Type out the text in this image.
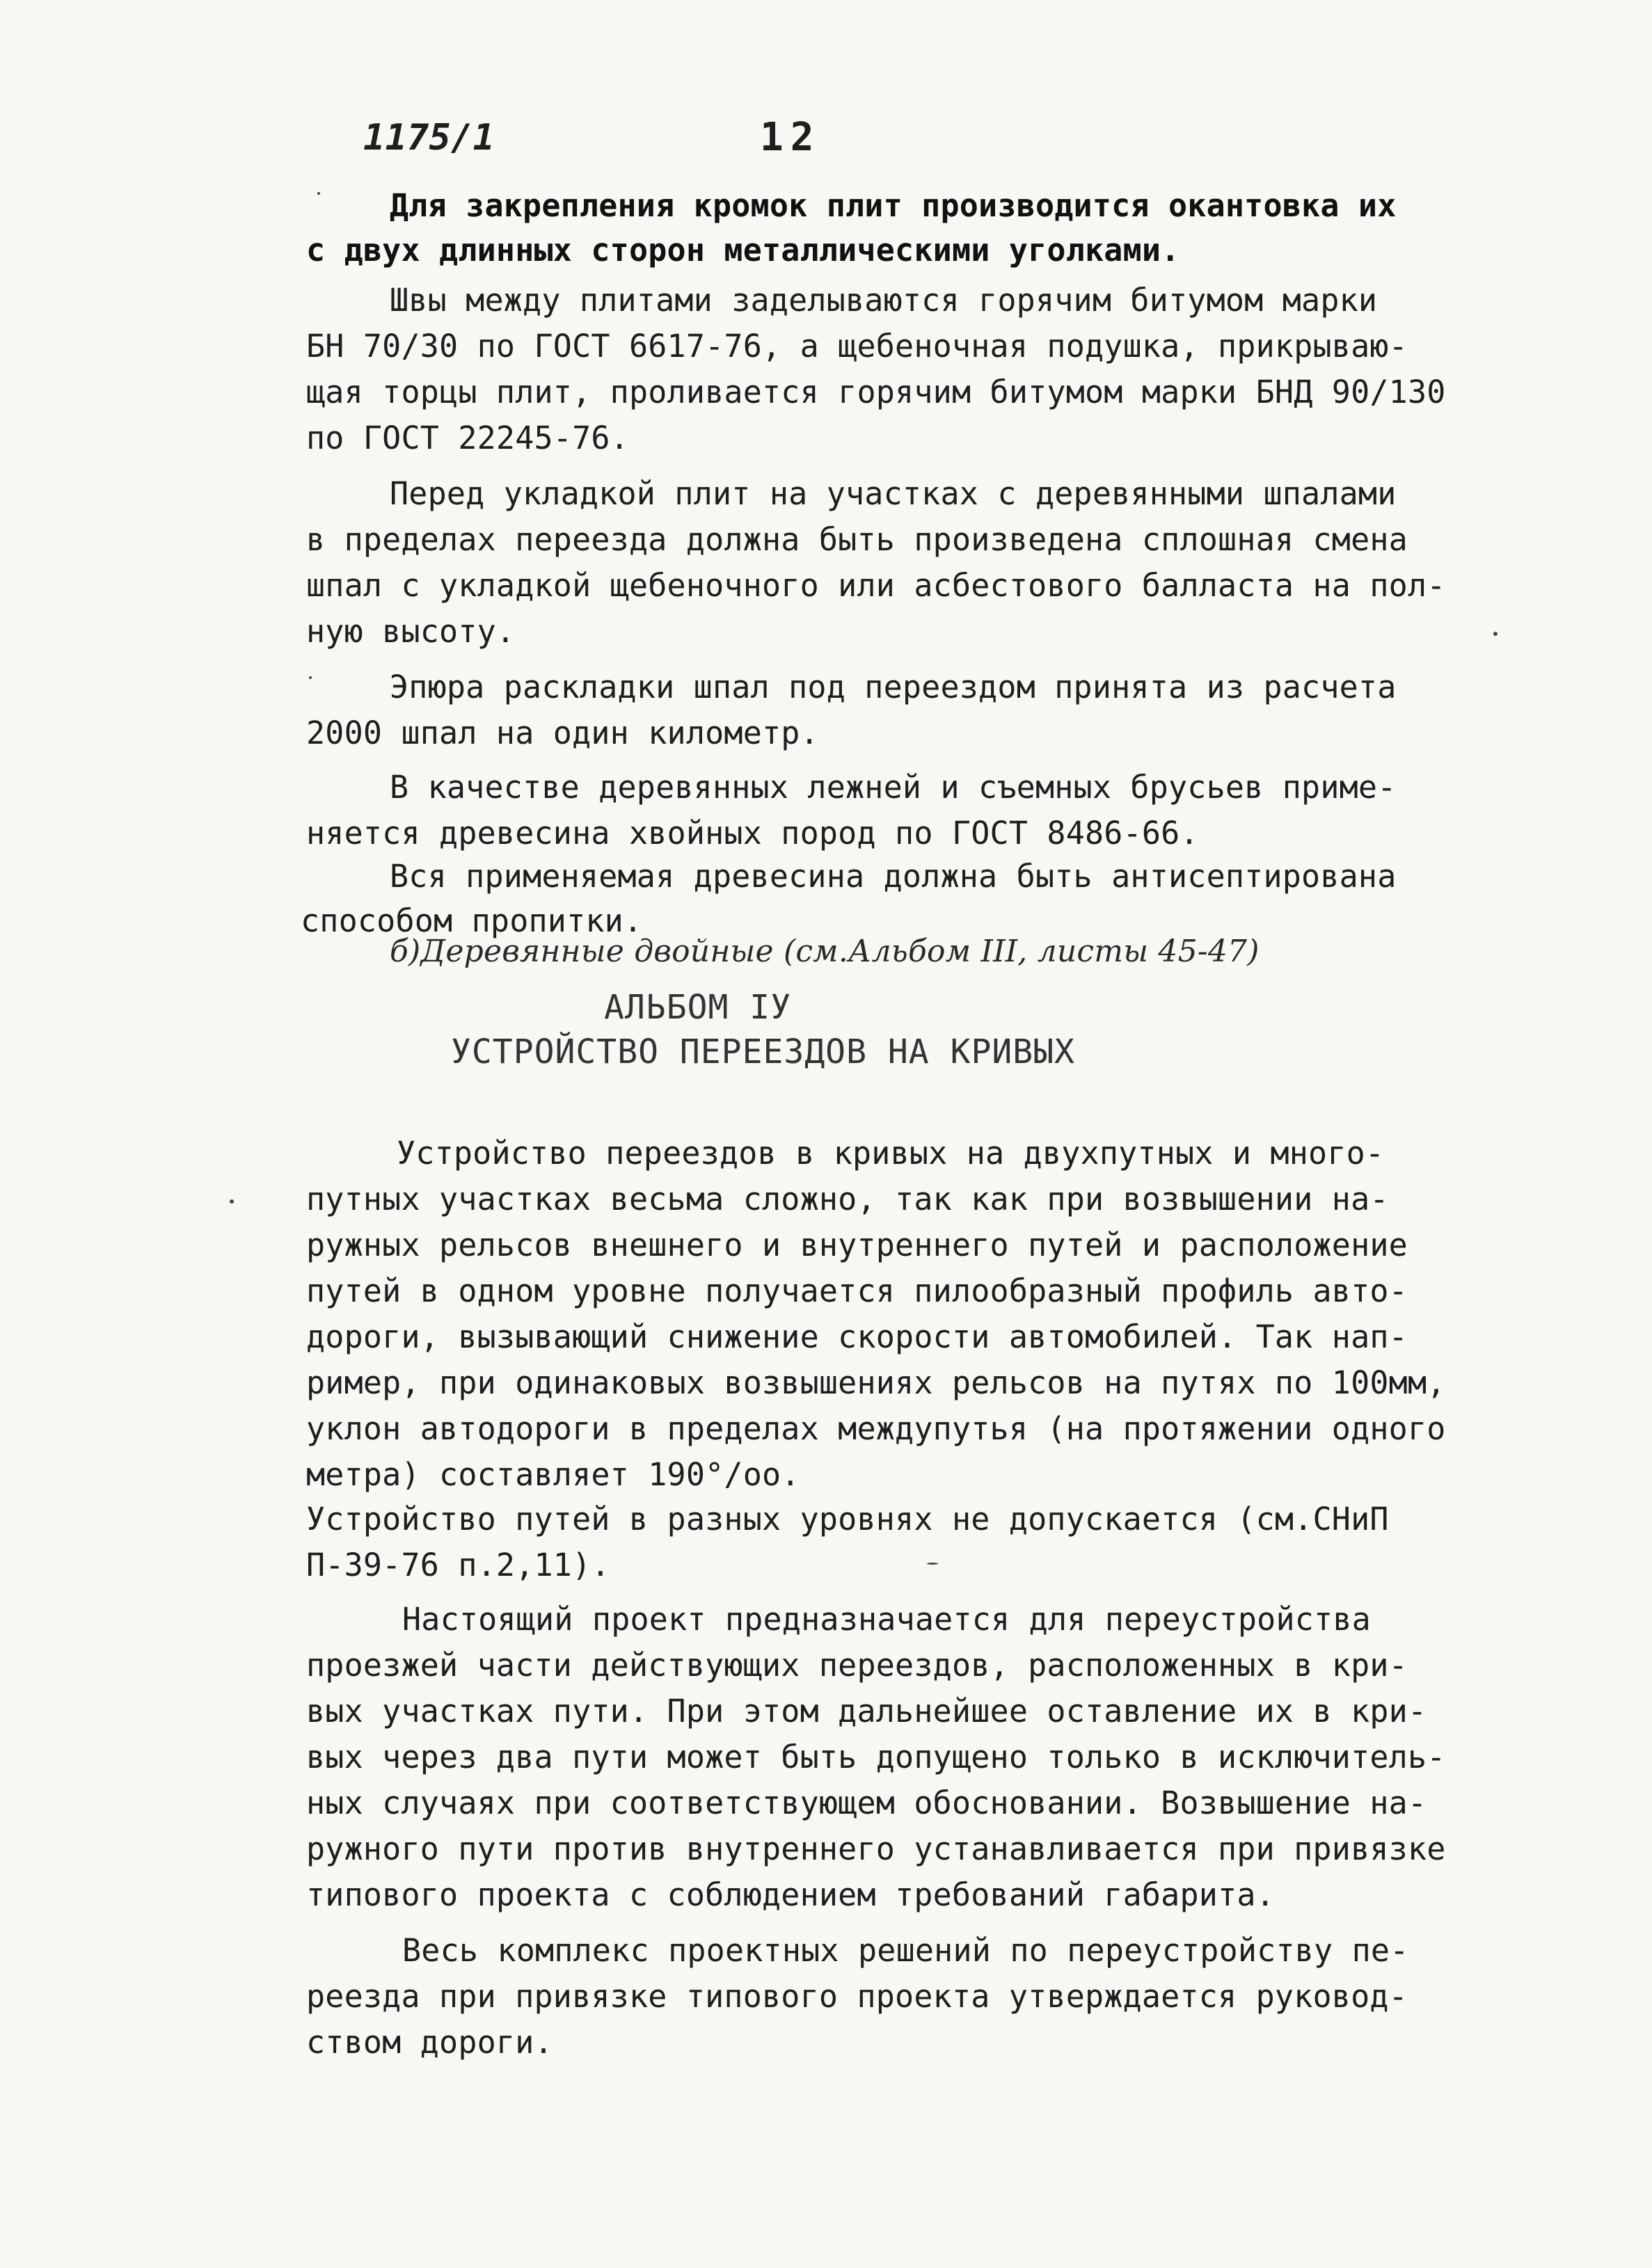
1175/1	12
Для закрепления кромок плит производится окантовка их
с двух длинных сторон металлическими уголками.
Швы между плитами заделываются горячим битумом марки
БН 70/30 по ГОСТ 6617-76, а щебеночная подушка, прикрываю-
щая торцы плит, проливается горячим битумом марки БНД 90/130
по ГОСТ 22245-76.
Перед укладкой плит на участках с деревянными шпалами
в пределах переезда должна быть произведена сплошная смена
шпал с укладкой щебеночного или асбестового балласта на пол-
ную высоту.
Эпюра раскладки шпал под переездом принята из расчета
2000 шпал на один километр.
В качестве деревянных лежней и съемных брусьев приме-
няется древесина хвойных пород по ГОСТ 8486-66.
Вся применяемая древесина должна быть антисептирована
способом пропитки.
б)Деревянные двойные (см.Альбом III, листы 45-47)
АЛЬБОМ IУ
УСТРОЙСТВО ПЕРЕЕЗДОВ НА КРИВЫХ
Устройство переездов в кривых на двухпутных и много-
путных участках весьма сложно, так как при возвышении на-
ружных рельсов внешнего и внутреннего путей и расположение
путей в одном уровне получается пилообразный профиль авто-
дороги, вызывающий снижение скорости автомобилей. Так нап-
ример, при одинаковых возвышениях рельсов на путях по 100мм,
уклон автодороги в пределах междупутья (на протяжении одного
метра) составляет 190°/oo.
Устройство путей в разных уровнях не допускается (см.СНиП
П-39-76 п.2,11).
Настоящий проект предназначается для переустройства
проезжей части действующих переездов, расположенных в кри-
вых участках пути. При этом дальнейшее оставление их в кри-
вых через два пути может быть допущено только в исключитель-
ных случаях при соответствующем обосновании. Возвышение на-
ружного пути против внутреннего устанавливается при привязке
типового проекта с соблюдением требований габарита.
Весь комплекс проектных решений по переустройству пе-
реезда при привязке типового проекта утверждается руковод-
ством дороги.
